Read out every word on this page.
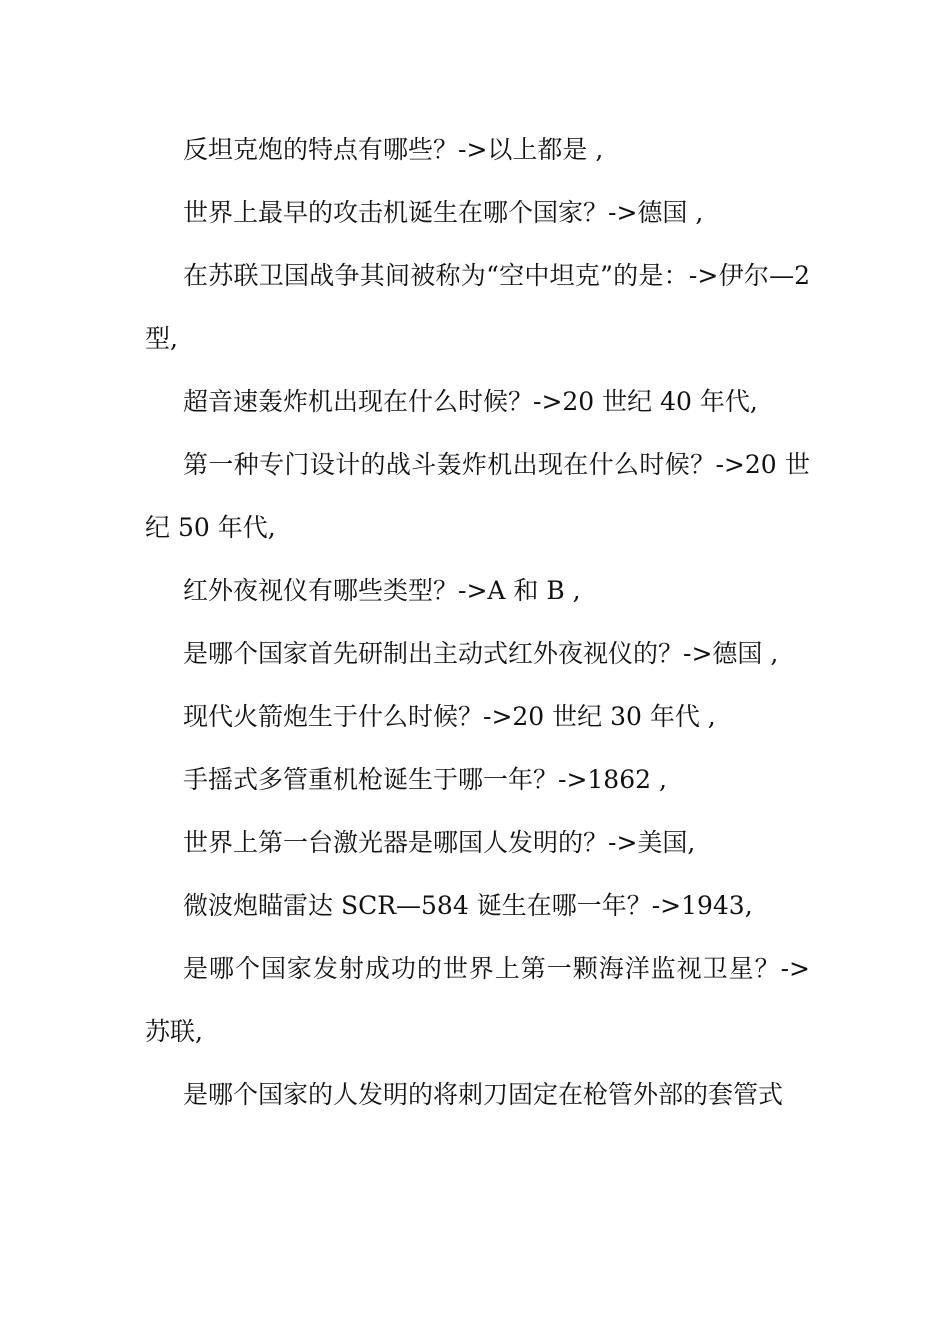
反坦克炮的特点有哪些？->以上都是 ,

世界上最早的攻击机诞生在哪个国家？->德国 ,

在苏联卫国战争其间被称为“空中坦克”的是：->伊尔—2 型,

超音速轰炸机出现在什么时候？->20 世纪 40 年代,

第一种专门设计的战斗轰炸机出现在什么时候？->20 世纪 50 年代,

红外夜视仪有哪些类型？->A 和 B ,

是哪个国家首先研制出主动式红外夜视仪的？->德国 ,

现代火箭炮生于什么时候？->20 世纪 30 年代 ,

手摇式多管重机枪诞生于哪一年？->1862 ,

世界上第一台激光器是哪国人发明的？->美国,

微波炮瞄雷达 SCR—584 诞生在哪一年？->1943,

是哪个国家发射成功的世界上第一颗海洋监视卫星？->苏联,

是哪个国家的人发明的将刺刀固定在枪管外部的套管式
